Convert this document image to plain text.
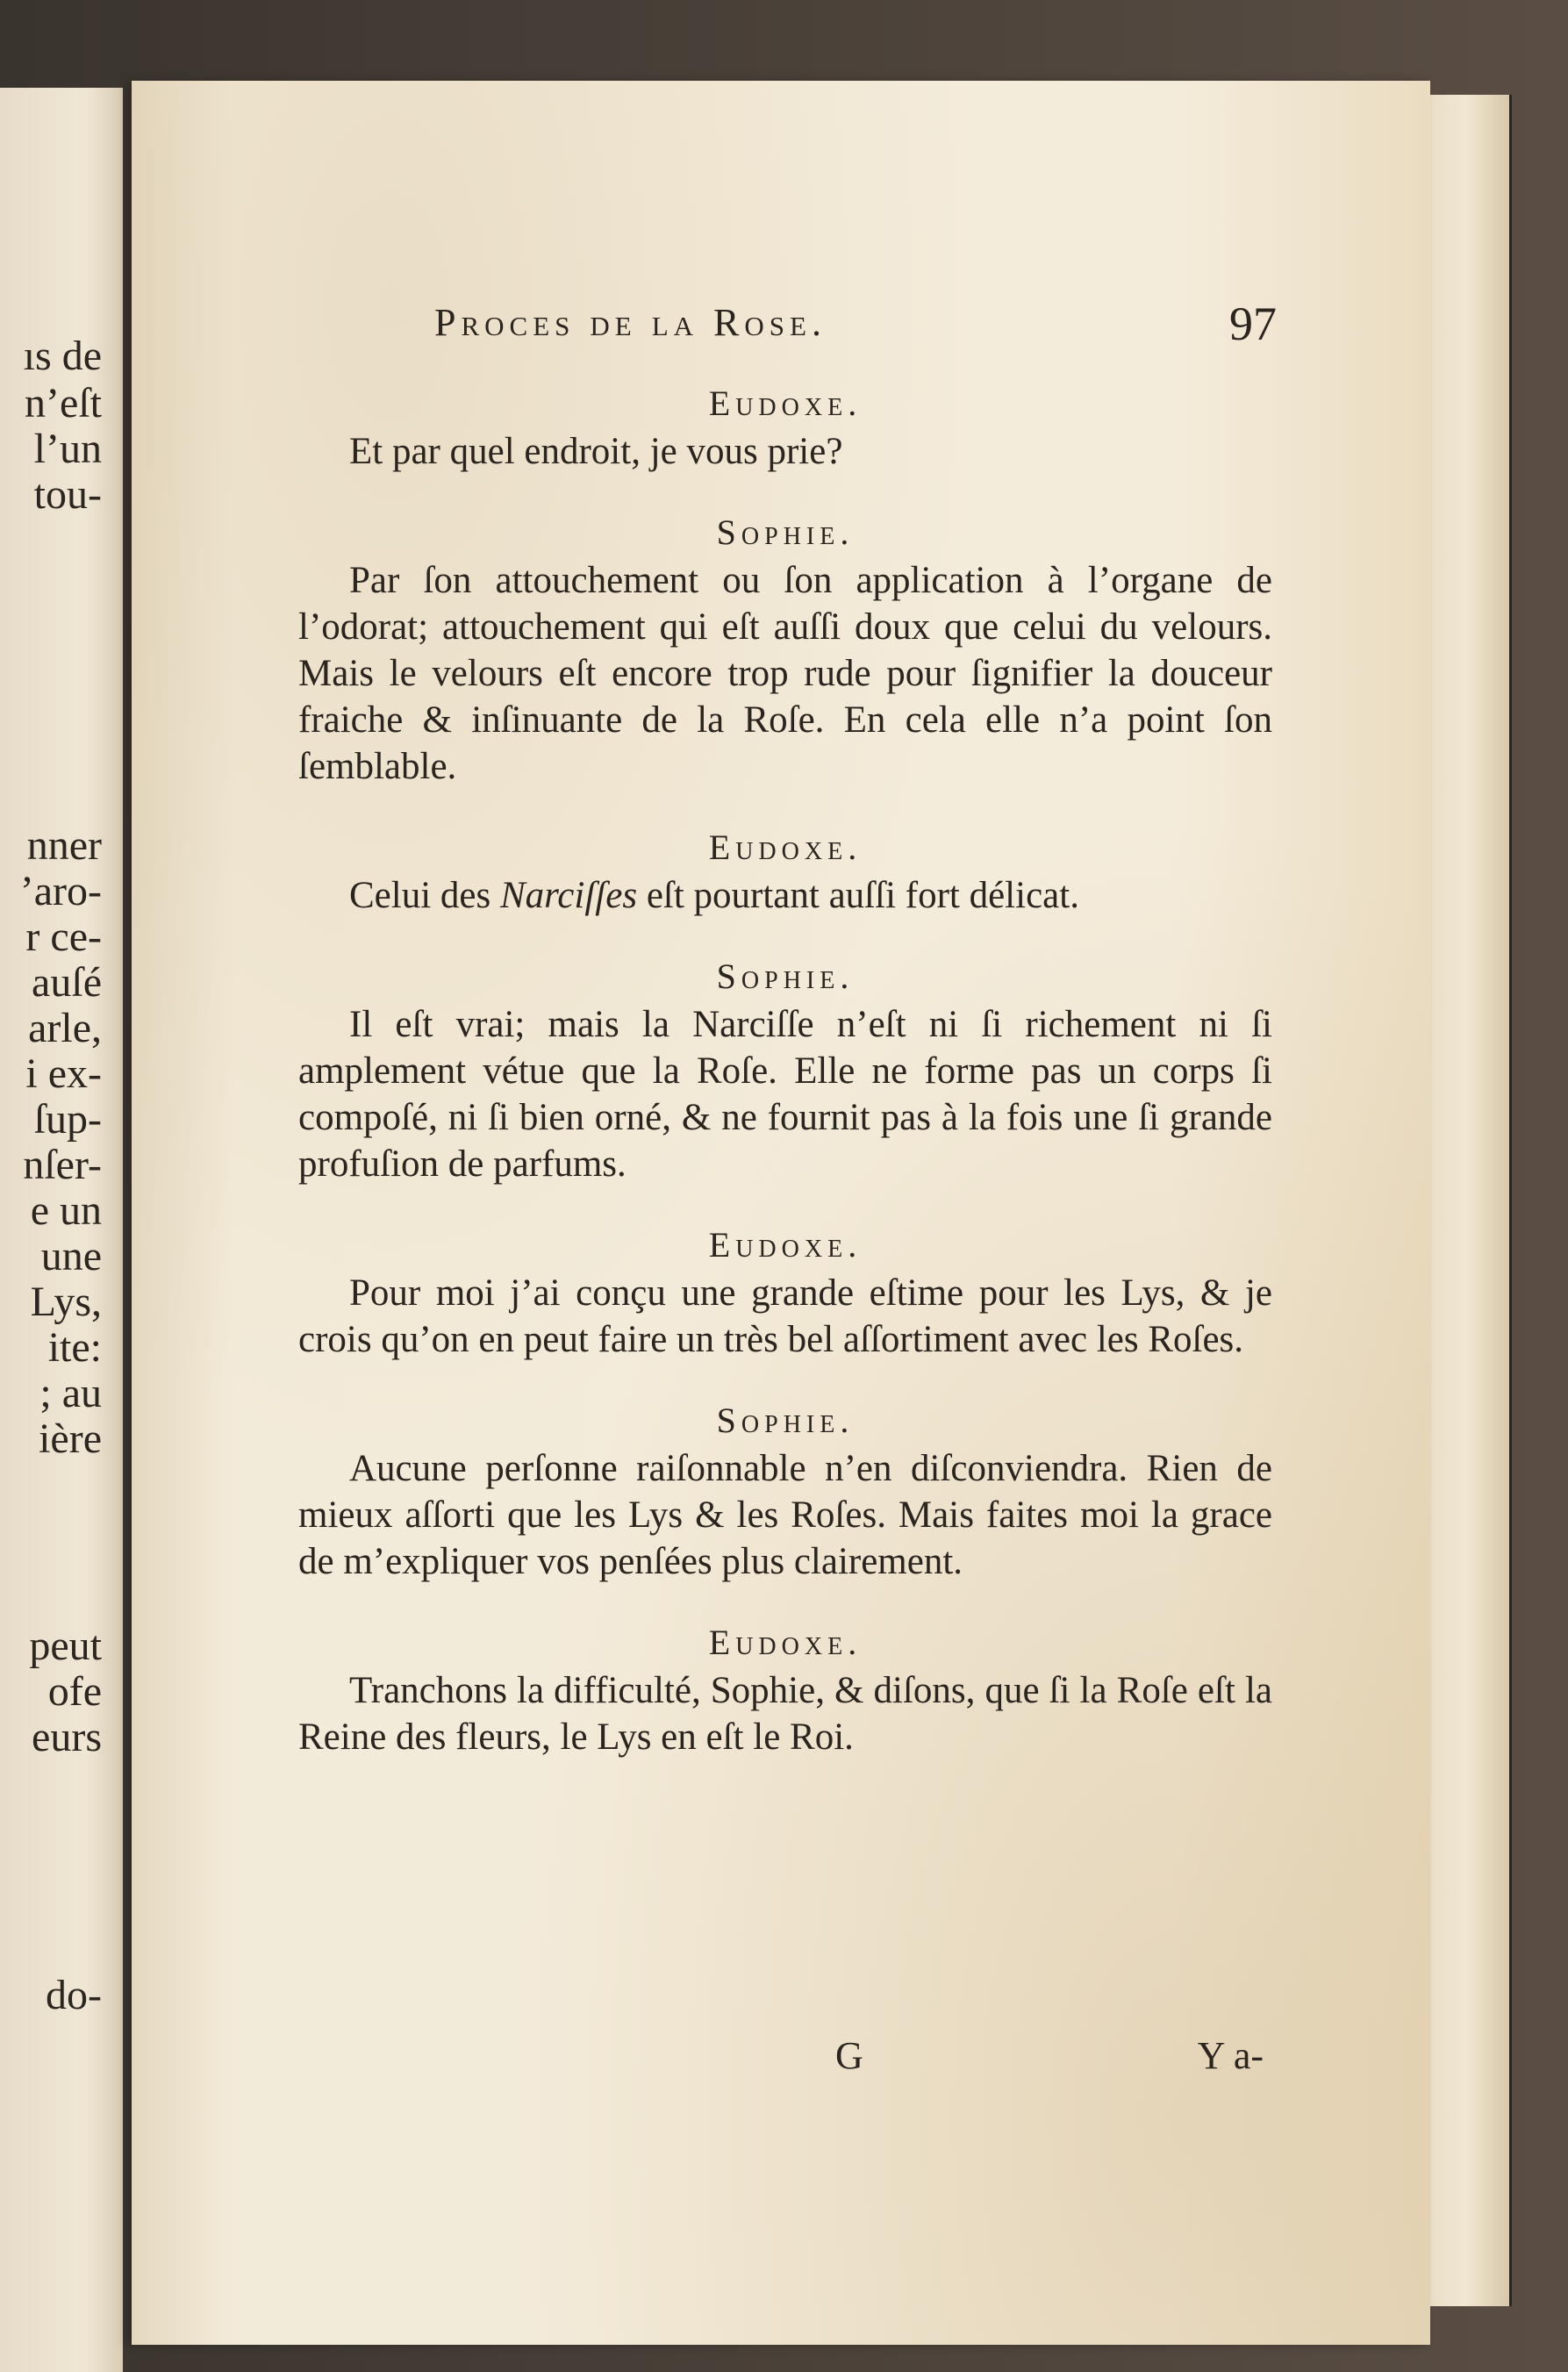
ıs de
n’eſt
l’un
tou-
nner
’aro-
r ce-
auſé
arle,
i ex-
ſup-
nſer-
e un
une
Lys,
ite:
; au
ière
peut
ofe
eurs
do-
Proces de la Rose.	97

Eudoxe.

Et par quel endroit, je vous prie?

Sophie.

Par ſon attouchement ou ſon application à l’organe de l’odorat; attouchement qui eſt auſſi doux que celui du velours. Mais le velours eſt encore trop rude pour ſignifier la douceur fraiche & inſinuante de la Roſe. En cela elle n’a point ſon ſemblable.

Eudoxe.

Celui des Narciſſes eſt pourtant auſſi fort délicat.

Sophie.

Il eſt vrai; mais la Narciſſe n’eſt ni ſi richement ni ſi amplement vétue que la Roſe. Elle ne forme pas un corps ſi compoſé, ni ſi bien orné, & ne fournit pas à la fois une ſi grande profuſion de parfums.

Eudoxe.

Pour moi j’ai conçu une grande eſtime pour les Lys, & je crois qu’on en peut faire un très bel aſſortiment avec les Roſes.

Sophie.

Aucune perſonne raiſonnable n’en diſconviendra. Rien de mieux aſſorti que les Lys & les Roſes. Mais faites moi la grace de m’expliquer vos penſées plus clairement.

Eudoxe.

Tranchons la difficulté, Sophie, & diſons, que ſi la Roſe eſt la Reine des fleurs, le Lys en eſt le Roi.

G	Y a-
